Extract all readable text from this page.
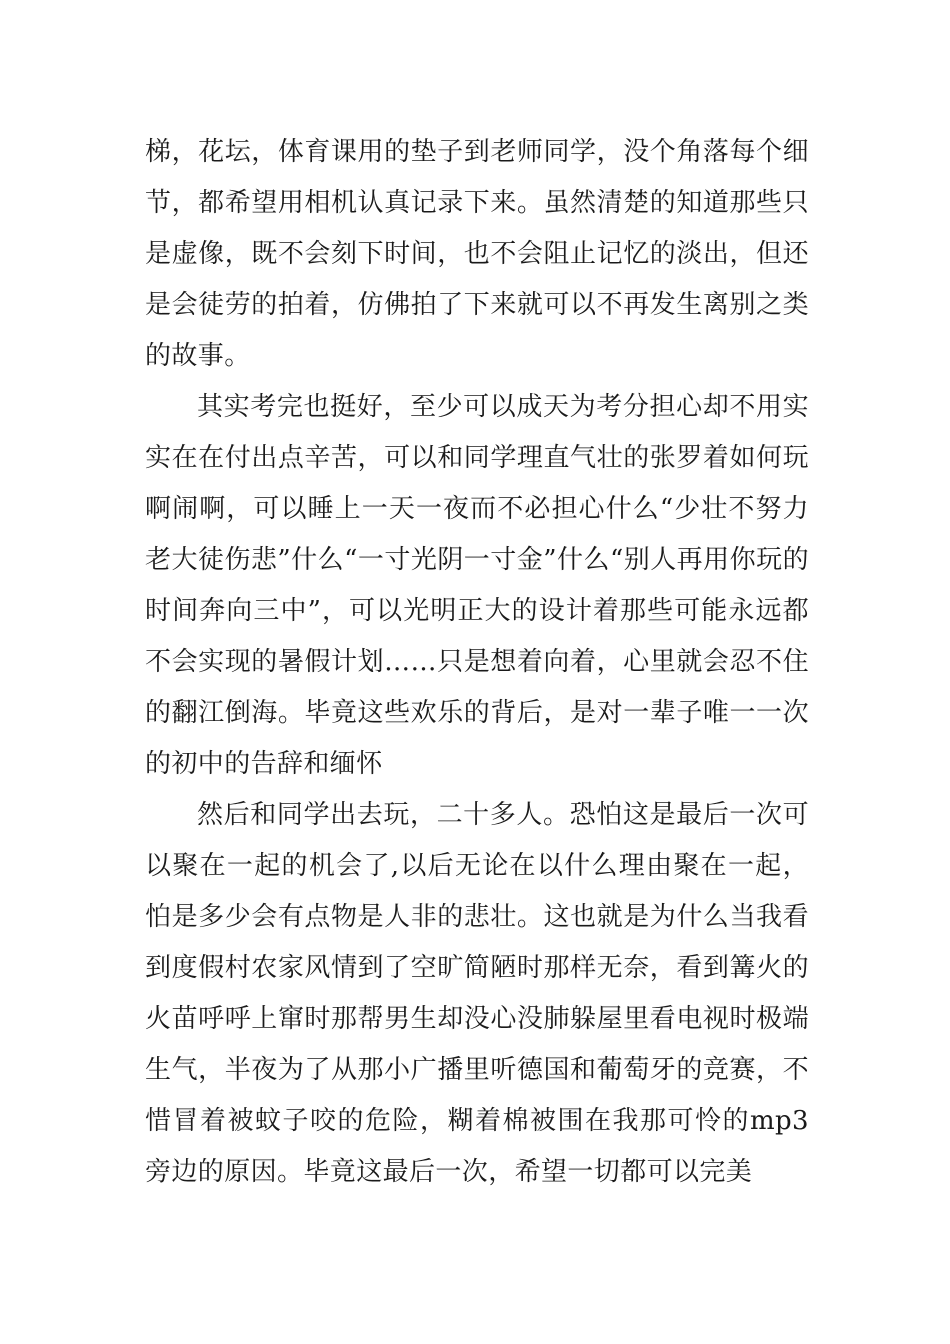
梯，花坛，体育课用的垫子到老师同学，没个角落每个细节，都希望用相机认真记录下来。虽然清楚的知道那些只是虚像，既不会刻下时间，也不会阻止记忆的淡出，但还是会徒劳的拍着，仿佛拍了下来就可以不再发生离别之类的故事。

其实考完也挺好，至少可以成天为考分担心却不用实实在在付出点辛苦，可以和同学理直气壮的张罗着如何玩啊闹啊，可以睡上一天一夜而不必担心什么“少壮不努力老大徒伤悲”什么“一寸光阴一寸金”什么“别人再用你玩的时间奔向三中”，可以光明正大的设计着那些可能永远都不会实现的暑假计划……只是想着向着，心里就会忍不住的翻江倒海。毕竟这些欢乐的背后，是对一辈子唯一一次的初中的告辞和缅怀

然后和同学出去玩，二十多人。恐怕这是最后一次可以聚在一起的机会了,以后无论在以什么理由聚在一起，怕是多少会有点物是人非的悲壮。这也就是为什么当我看到度假村农家风情到了空旷简陋时那样无奈，看到篝火的火苗呼呼上窜时那帮男生却没心没肺躲屋里看电视时极端生气，半夜为了从那小广播里听德国和葡萄牙的竞赛，不惜冒着被蚊子咬的危险，糊着棉被围在我那可怜的mp3旁边的原因。毕竟这最后一次，希望一切都可以完美
